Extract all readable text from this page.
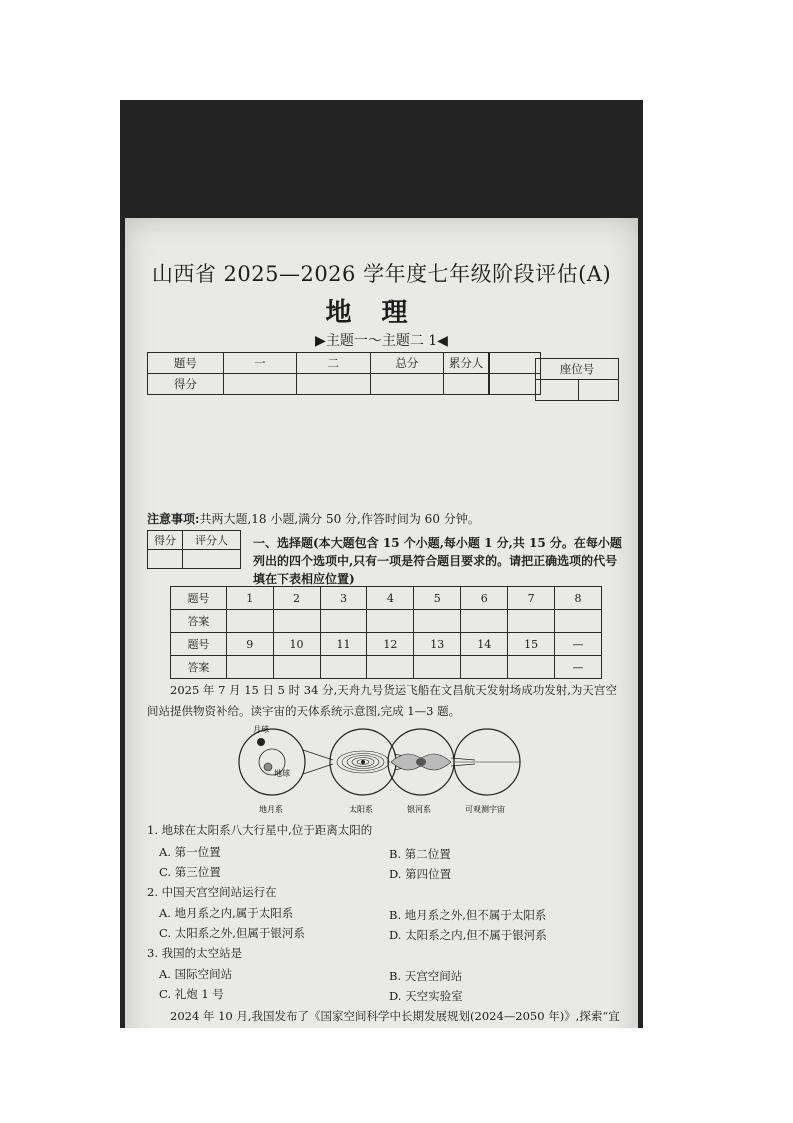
山西省 2025—2026 学年度七年级阶段评估(A)
地理
▶主题一～主题二 1◀
题号	一	二	总分	累分人
得分				

座位号

注意事项:共两大题,18 小题,满分 50 分,作答时间为 60 分钟。
得分	评分人
	一、选择题(本大题包含 15 个小题,每小题 1 分,共 15 分。在每小题列出的四个选项中,只有一项是符合题目要求的。请把正确选项的代号填在下表相应位置)
题号	1	2	3	4	5	6	7	8
答案								
题号	9	10	11	12	13	14	15	—
答案								—
2025 年 7 月 15 日 5 时 34 分,天舟九号货运飞船在文昌航天发射场成功发射,为天宫空间站提供物资补给。读宇宙的天体系统示意图,完成 1—3 题。
月球
地球
地月系	太阳系	银河系	可观测宇宙
1. 地球在太阳系八大行星中,位于距离太阳的
A. 第一位置	B. 第二位置
C. 第三位置	D. 第四位置
2. 中国天宫空间站运行在
A. 地月系之内,属于太阳系	B. 地月系之外,但不属于太阳系
C. 太阳系之外,但属于银河系	D. 太阳系之内,但不属于银河系
3. 我国的太空站是
A. 国际空间站	B. 天宫空间站
C. 礼炮 1 号	D. 天空实验室
2024 年 10 月,我国发布了《国家空间科学中长期发展规划(2024—2050 年)》,探索“宜
